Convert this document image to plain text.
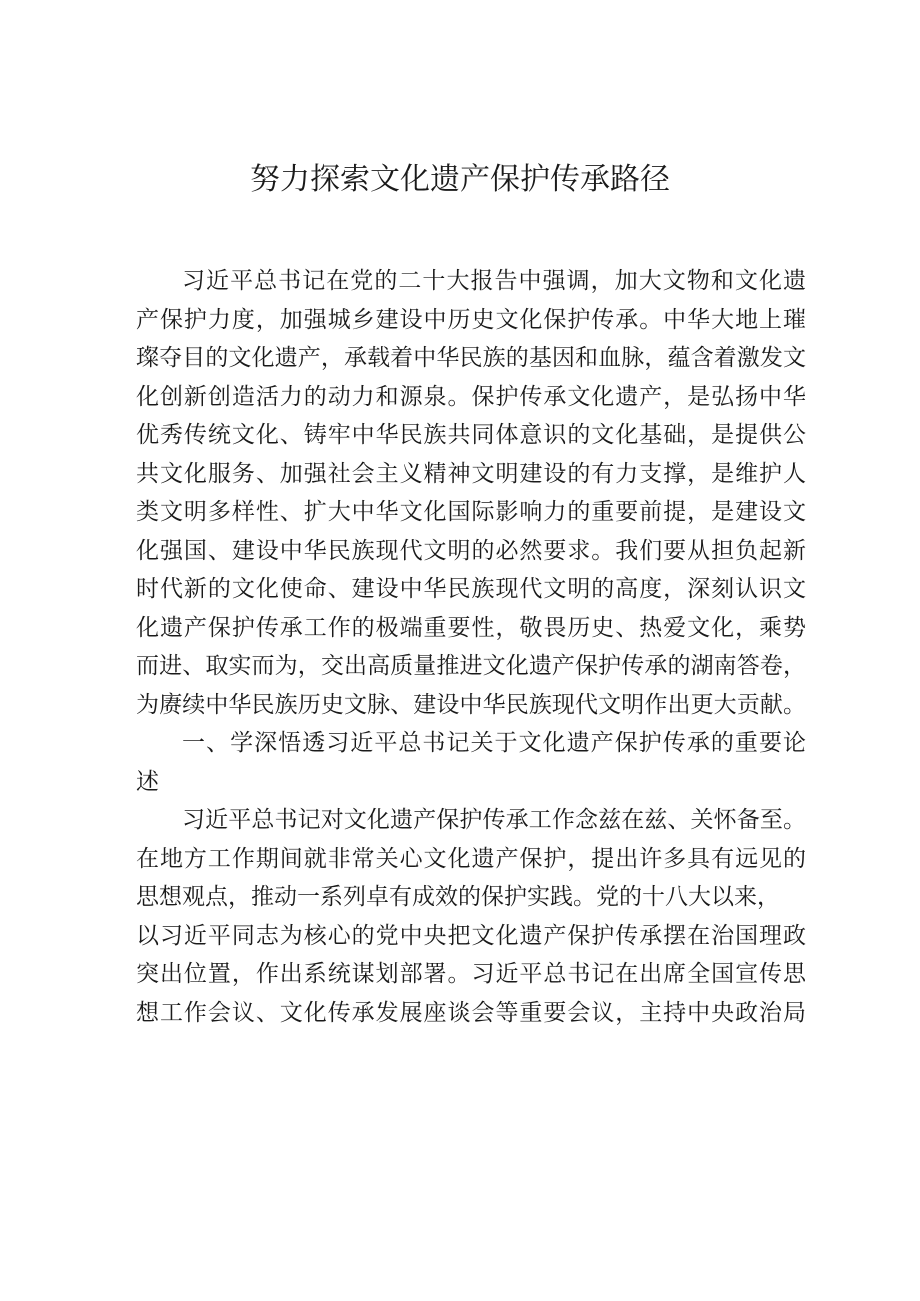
努力探索文化遗产保护传承路径
习近平总书记在党的二十大报告中强调，加大文物和文化遗
产保护力度，加强城乡建设中历史文化保护传承。中华大地上璀
璨夺目的文化遗产，承载着中华民族的基因和血脉，蕴含着激发文
化创新创造活力的动力和源泉。保护传承文化遗产，是弘扬中华
优秀传统文化、铸牢中华民族共同体意识的文化基础，是提供公
共文化服务、加强社会主义精神文明建设的有力支撑，是维护人
类文明多样性、扩大中华文化国际影响力的重要前提，是建设文
化强国、建设中华民族现代文明的必然要求。我们要从担负起新
时代新的文化使命、建设中华民族现代文明的高度，深刻认识文
化遗产保护传承工作的极端重要性，敬畏历史、热爱文化，乘势
而进、取实而为，交出高质量推进文化遗产保护传承的湖南答卷，
为赓续中华民族历史文脉、建设中华民族现代文明作出更大贡献。
一、学深悟透习近平总书记关于文化遗产保护传承的重要论
述
习近平总书记对文化遗产保护传承工作念兹在兹、关怀备至。
在地方工作期间就非常关心文化遗产保护，提出许多具有远见的
思想观点，推动一系列卓有成效的保护实践。党的十八大以来，
以习近平同志为核心的党中央把文化遗产保护传承摆在治国理政
突出位置，作出系统谋划部署。习近平总书记在出席全国宣传思
想工作会议、文化传承发展座谈会等重要会议，主持中央政治局
